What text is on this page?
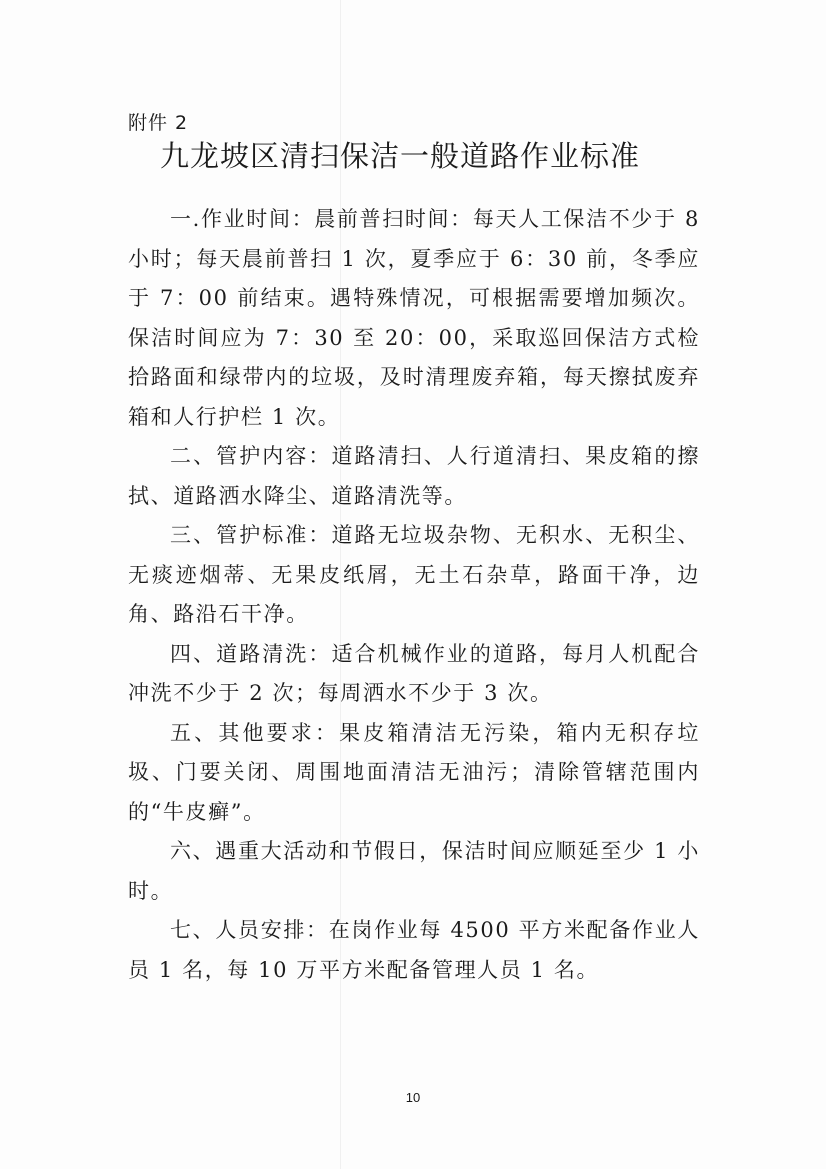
附件 2
九龙坡区清扫保洁一般道路作业标准

一.作业时间：晨前普扫时间：每天人工保洁不少于 8 小时；每天晨前普扫 1 次，夏季应于 6：30 前，冬季应于 7：00 前结束。遇特殊情况，可根据需要增加频次。保洁时间应为 7：30 至 20：00，采取巡回保洁方式检拾路面和绿带内的垃圾，及时清理废弃箱，每天擦拭废弃箱和人行护栏 1 次。

二、管护内容：道路清扫、人行道清扫、果皮箱的擦拭、道路洒水降尘、道路清洗等。

三、管护标准：道路无垃圾杂物、无积水、无积尘、无痰迹烟蒂、无果皮纸屑，无土石杂草，路面干净，边角、路沿石干净。

四、道路清洗：适合机械作业的道路，每月人机配合冲洗不少于 2 次；每周洒水不少于 3 次。

五、其他要求：果皮箱清洁无污染，箱内无积存垃圾、门要关闭、周围地面清洁无油污；清除管辖范围内的“牛皮癣”。

六、遇重大活动和节假日，保洁时间应顺延至少 1 小时。

七、人员安排：在岗作业每 4500 平方米配备作业人员 1 名，每 10 万平方米配备管理人员 1 名。

10
